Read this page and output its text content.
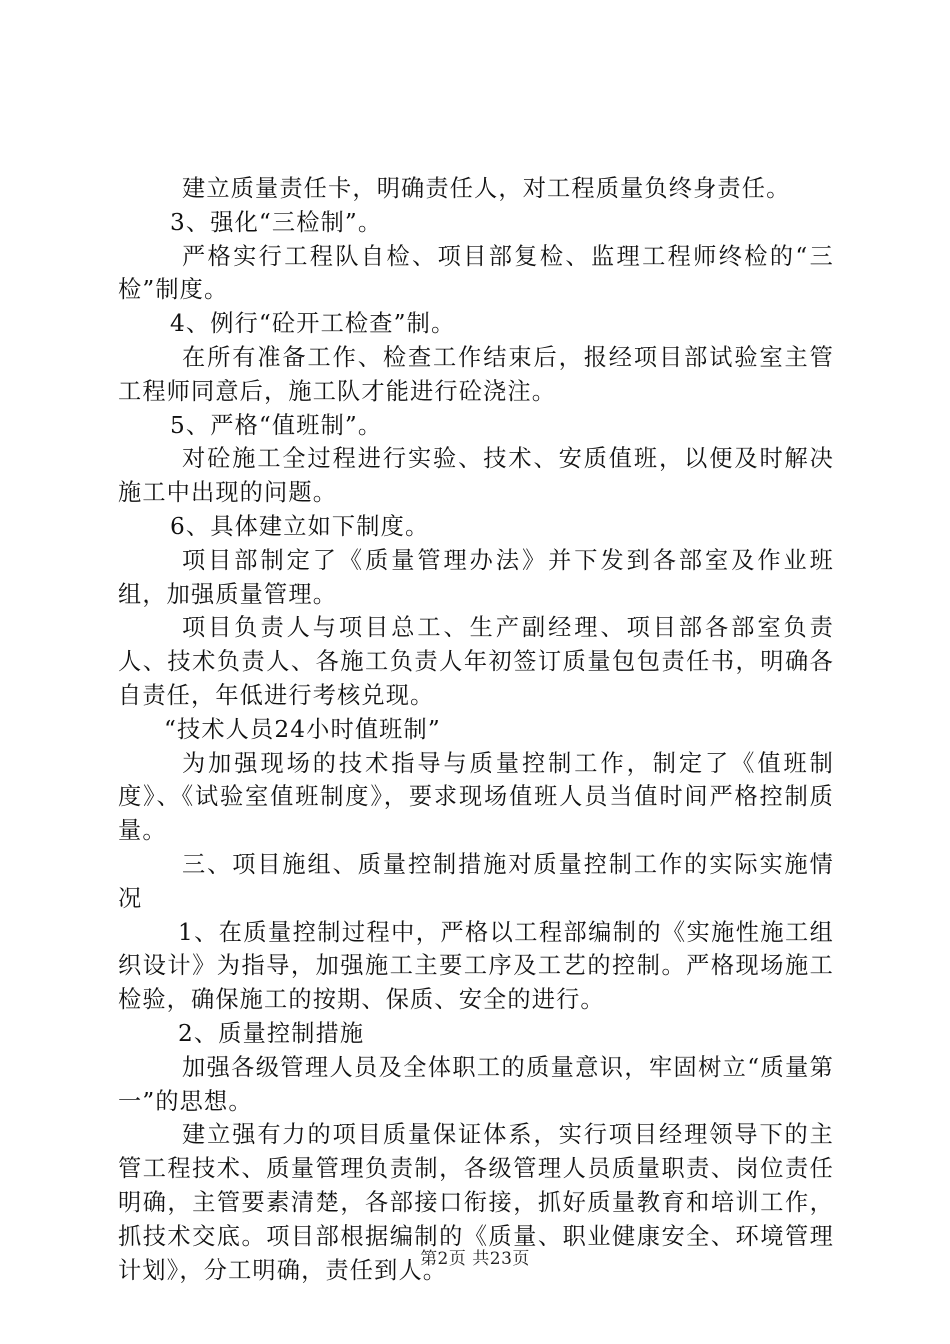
建立质量责任卡，明确责任人，对工程质量负终身责任。

3、强化“三检制”。

严格实行工程队自检、项目部复检、监理工程师终检的“三检”制度。

4、例行“砼开工检查”制。

在所有准备工作、检查工作结束后，报经项目部试验室主管工程师同意后，施工队才能进行砼浇注。

5、严格“值班制”。

对砼施工全过程进行实验、技术、安质值班，以便及时解决施工中出现的问题。

6、具体建立如下制度。

项目部制定了《质量管理办法》并下发到各部室及作业班组，加强质量管理。

项目负责人与项目总工、生产副经理、项目部各部室负责人、技术负责人、各施工负责人年初签订质量包包责任书，明确各自责任，年低进行考核兑现。

“技术人员24小时值班制”

为加强现场的技术指导与质量控制工作，制定了《值班制度》、《试验室值班制度》，要求现场值班人员当值时间严格控制质量。

三、项目施组、质量控制措施对质量控制工作的实际实施情况

1、在质量控制过程中，严格以工程部编制的《实施性施工组织设计》为指导，加强施工主要工序及工艺的控制。严格现场施工检验，确保施工的按期、保质、安全的进行。

2、质量控制措施

加强各级管理人员及全体职工的质量意识，牢固树立“质量第一”的思想。

建立强有力的项目质量保证体系，实行项目经理领导下的主管工程技术、质量管理负责制，各级管理人员质量职责、岗位责任明确，主管要素清楚，各部接口衔接，抓好质量教育和培训工作，抓技术交底。项目部根据编制的《质量、职业健康安全、环境管理计划》，分工明确，责任到人。

第2页 共23页
